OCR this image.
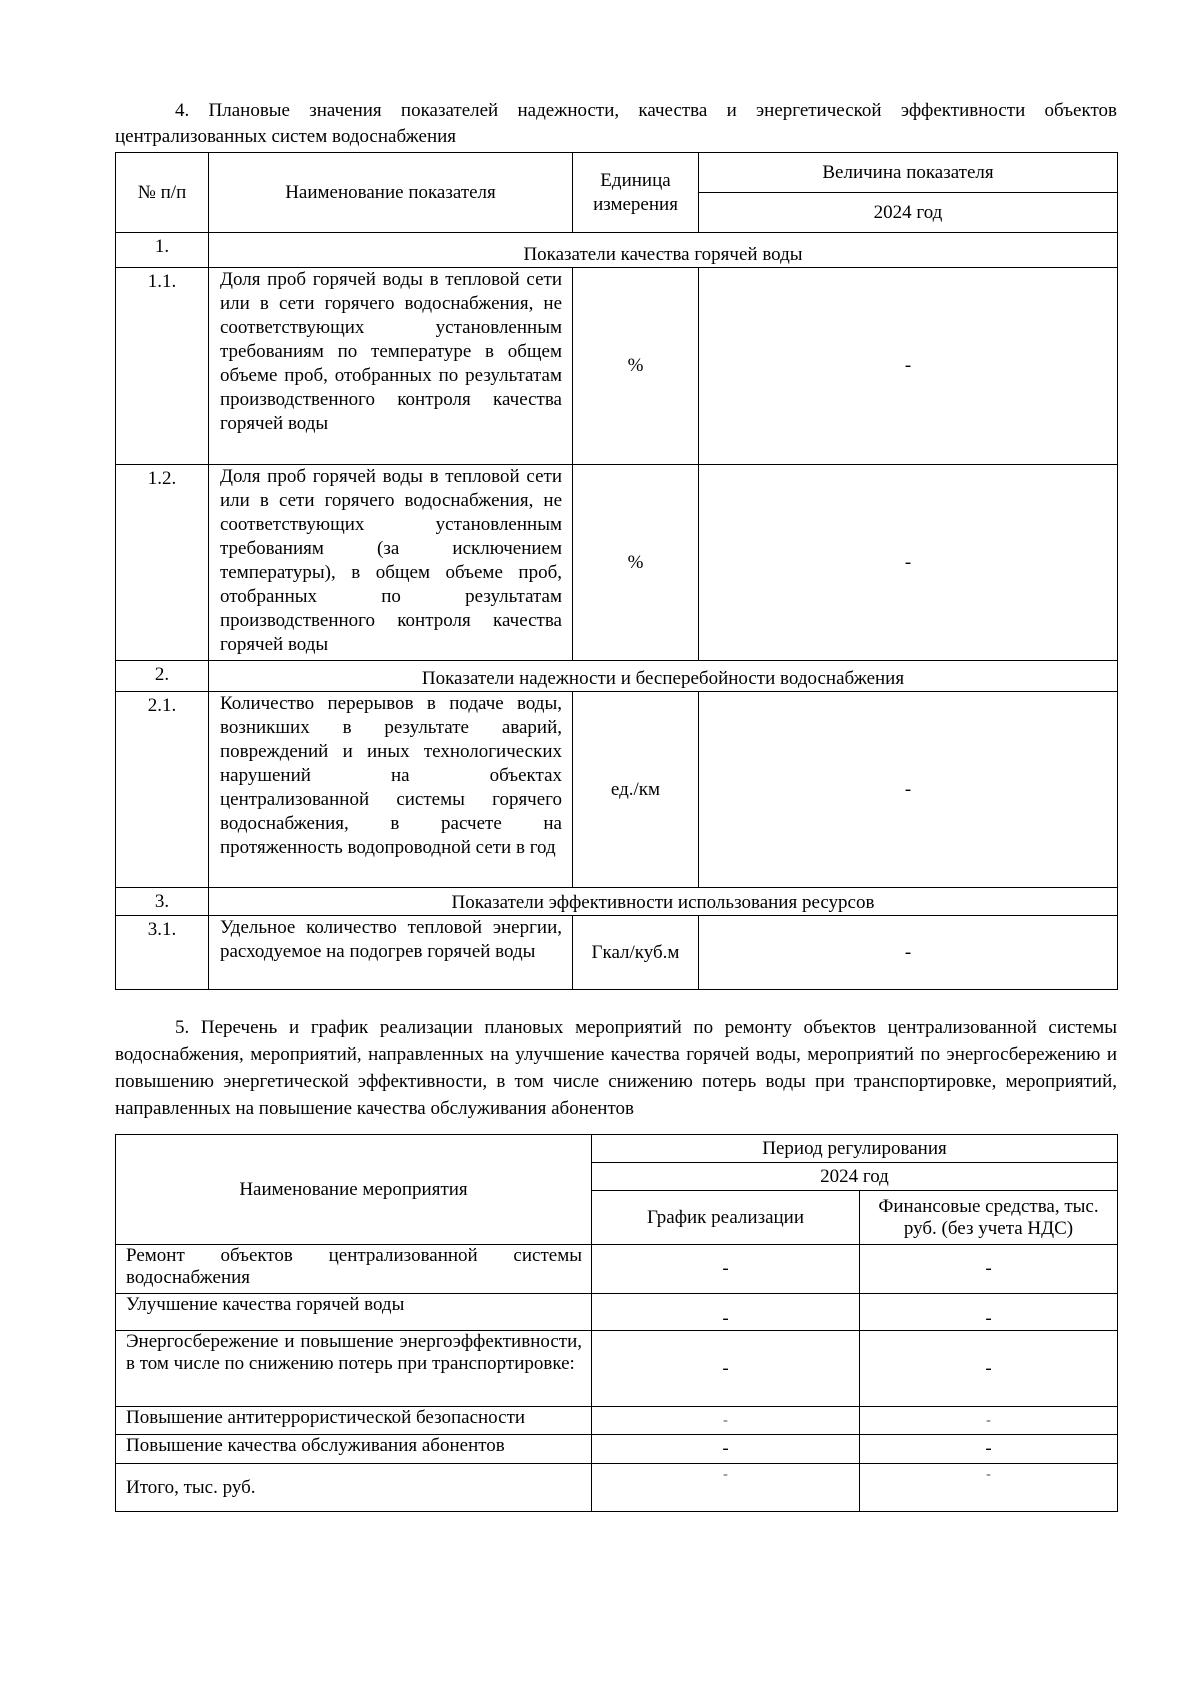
4. Плановые значения показателей надежности, качества и энергетической эффективности объектов централизованных систем водоснабжения

№ п/п	Наименование показателя	Единица измерения	Величина показателя
			2024 год
1.	Показатели качества горячей воды		
1.1.	Доля проб горячей воды в тепловой сети или в сети горячего водоснабжения, не соответствующих установленным требованиям по температуре в общем объеме проб, отобранных по результатам производственного контроля качества горячей воды	%	-
1.2.	Доля проб горячей воды в тепловой сети или в сети горячего водоснабжения, не соответствующих установленным требованиям (за исключением температуры), в общем объеме проб, отобранных по результатам производственного контроля качества горячей воды	%	-
2.	Показатели надежности и бесперебойности водоснабжения		
2.1.	Количество перерывов в подаче воды, возникших в результате аварий, повреждений и иных технологических нарушений на объектах централизованной системы горячего водоснабжения, в расчете на протяженность водопроводной сети в год	ед./км	-
3.	Показатели эффективности использования ресурсов		
3.1.	Удельное количество тепловой энергии, расходуемое на подогрев горячей воды	Гкал/куб.м	-

5. Перечень и график реализации плановых мероприятий по ремонту объектов централизованной системы водоснабжения, мероприятий, направленных на улучшение качества горячей воды, мероприятий по энергосбережению и повышению энергетической эффективности, в том числе снижению потерь воды при транспортировке, мероприятий, направленных на повышение качества обслуживания абонентов

Наименование мероприятия	Период регулирования	
	2024 год	
	График реализации	Финансовые средства, тыс. руб. (без учета НДС)
Ремонт объектов централизованной системы водоснабжения	-	-
Улучшение качества горячей воды	-	-
Энергосбережение и повышение энергоэффективности, в том числе по снижению потерь при транспортировке:	-	-
Повышение антитеррористической безопасности	-	-
Повышение качества обслуживания абонентов	-	-
Итого, тыс. руб.	-	-
